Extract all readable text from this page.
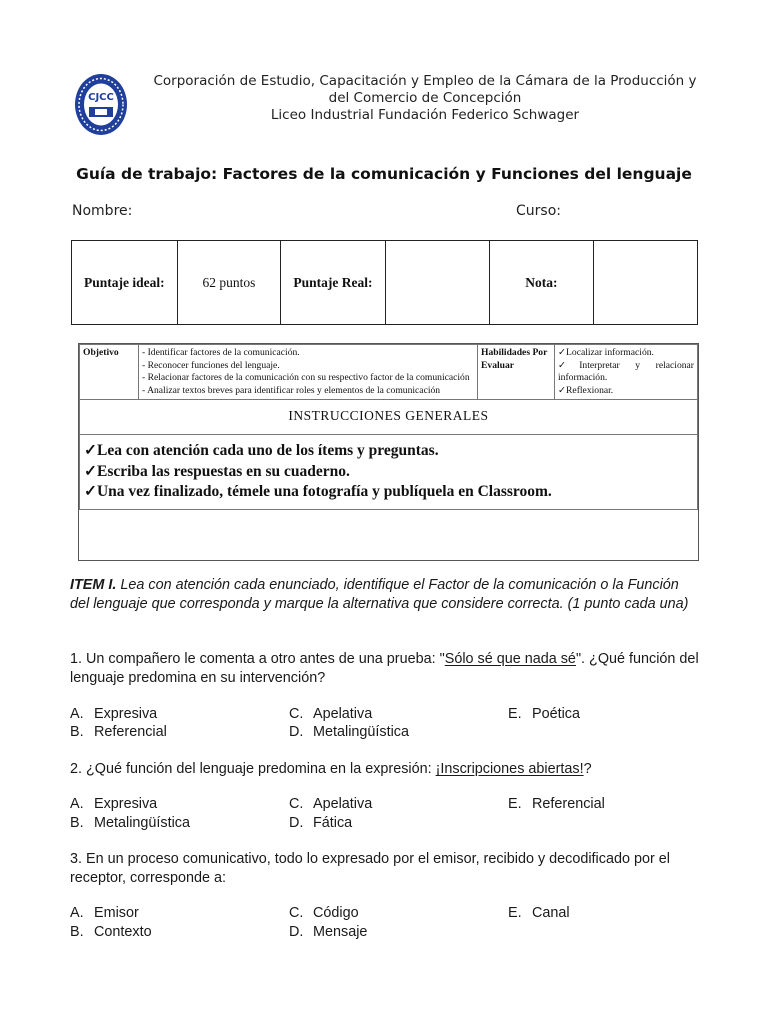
CJCC
Corporación de Estudio, Capacitación y Empleo de la Cámara de la Producción y
del Comercio de Concepción
Liceo Industrial Fundación Federico Schwager
Guía de trabajo: Factores de la comunicación y Funciones del lenguaje
Nombre:	Curso:
Puntaje ideal:	62 puntos	Puntaje Real:		Nota:	
Objetivo	- Identificar factores de la comunicación.
- Reconocer funciones del lenguaje.
- Relacionar factores de la comunicación con su respectivo factor de la comunicación
- Analizar textos breves para identificar roles y elementos de la comunicación
	Habilidades Por Evaluar	
✓Localizar información.
✓Interpretar y relacionar información.
✓Reflexionar.

INSTRUCCIONES GENERALES

✓Lea con atención cada uno de los ítems y preguntas.
✓Escriba las respuestas en su cuaderno.
✓Una vez finalizado, témele una fotografía y publíquela en Classroom.
ITEM I. Lea con atención cada enunciado, identifique el Factor de la comunicación o la Función del lenguaje que corresponda y marque la alternativa que considere correcta. (1 punto cada una)
1. Un compañero le comenta a otro antes de una prueba: "Sólo sé que nada sé". ¿Qué función del lenguaje predomina en su intervención?
A. Expresiva	C. Apelativa	E. Poética
B. Referencial	D. Metalingüística
2. ¿Qué función del lenguaje predomina en la expresión: ¡Inscripciones abiertas!?
A. Expresiva	C. Apelativa	E. Referencial
B. Metalingüística	D. Fática
3. En un proceso comunicativo, todo lo expresado por el emisor, recibido y decodificado por el receptor, corresponde a:
A. Emisor	C. Código	E. Canal
B. Contexto	D. Mensaje
